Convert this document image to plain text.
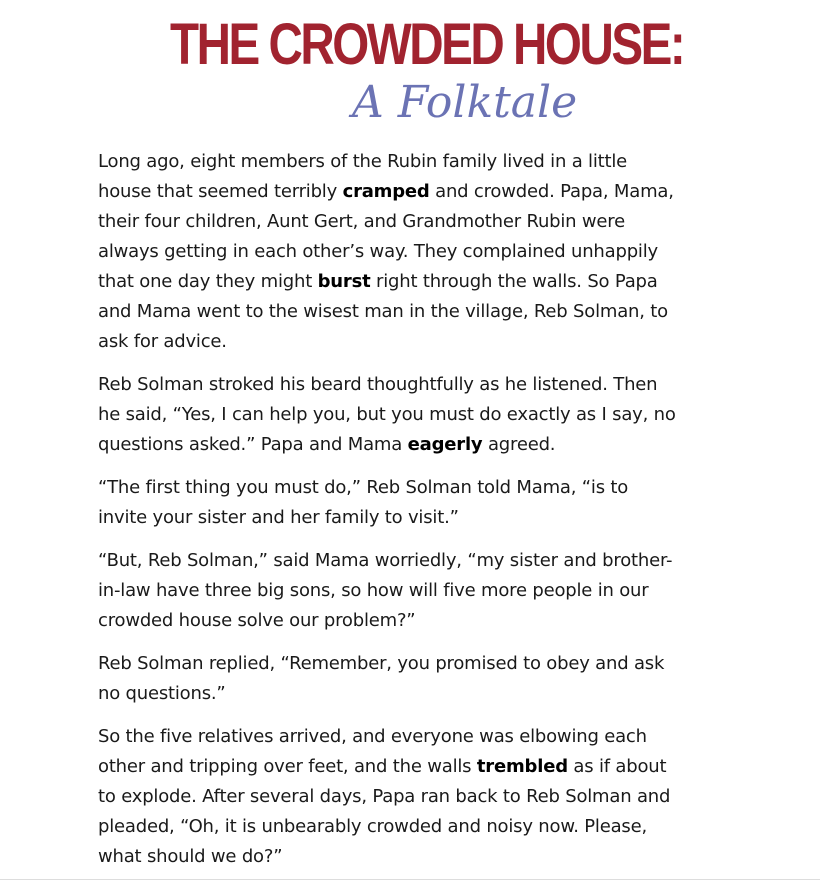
THE CROWDED HOUSE:
A Folktale

Long ago, eight members of the Rubin family lived in a little house that seemed terribly cramped and crowded. Papa, Mama, their four children, Aunt Gert, and Grandmother Rubin were always getting in each other’s way. They complained unhappily that one day they might burst right through the walls. So Papa and Mama went to the wisest man in the village, Reb Solman, to ask for advice.

Reb Solman stroked his beard thoughtfully as he listened. Then he said, “Yes, I can help you, but you must do exactly as I say, no questions asked.” Papa and Mama eagerly agreed.

“The first thing you must do,” Reb Solman told Mama, “is to invite your sister and her family to visit.”

“But, Reb Solman,” said Mama worriedly, “my sister and brother-in-law have three big sons, so how will five more people in our crowded house solve our problem?”

Reb Solman replied, “Remember, you promised to obey and ask no questions.”

So the five relatives arrived, and everyone was elbowing each other and tripping over feet, and the walls trembled as if about to explode. After several days, Papa ran back to Reb Solman and pleaded, “Oh, it is unbearably crowded and noisy now. Please, what should we do?”
